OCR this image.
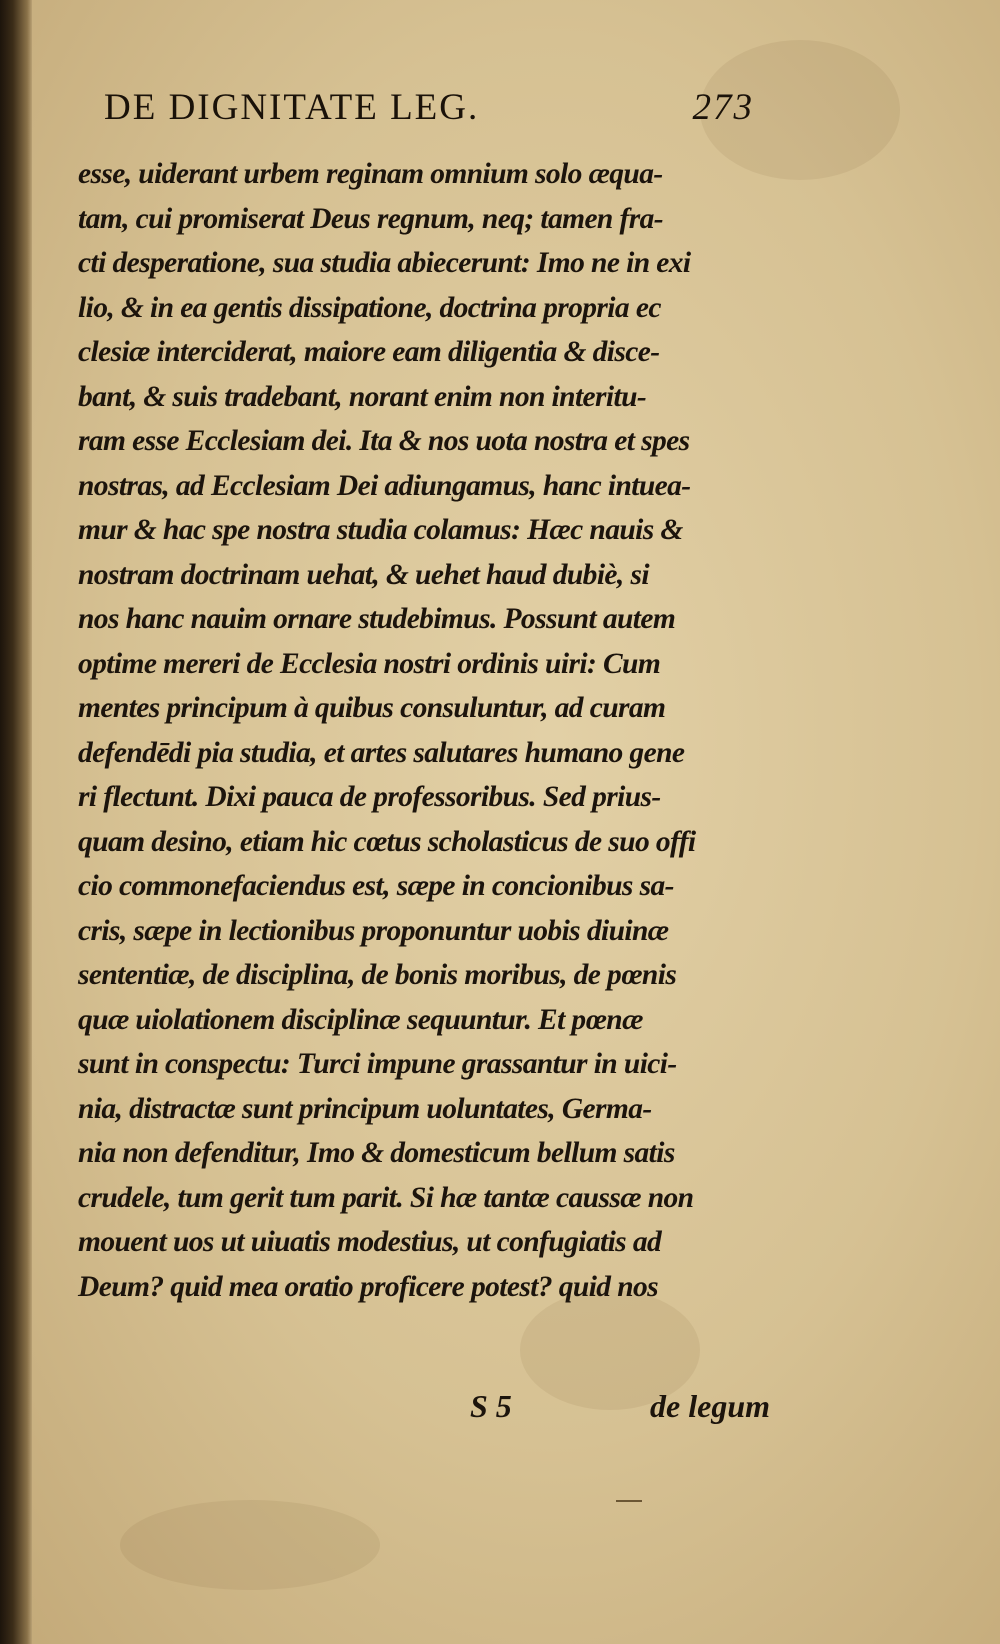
DE DIGNITATE LEG.	273
esse, uiderant urbem reginam omnium solo æqua-
tam, cui promiserat Deus regnum, neq; tamen fra-
cti desperatione, sua studia abiecerunt: Imo ne in exi
lio, & in ea gentis dissipatione, doctrina propria ec
clesiæ interciderat, maiore eam diligentia & disce-
bant, & suis tradebant, norant enim non interitu-
ram esse Ecclesiam dei. Ita & nos uota nostra et spes
nostras, ad Ecclesiam Dei adiungamus, hanc intuea-
mur & hac spe nostra studia colamus: Hæc nauis &
nostram doctrinam uehat, & uehet haud dubiè, si
nos hanc nauim ornare studebimus. Possunt autem
optime mereri de Ecclesia nostri ordinis uiri: Cum
mentes principum à quibus consuluntur, ad curam
defendēdi pia studia, et artes salutares humano gene
ri flectunt. Dixi pauca de professoribus. Sed prius-
quam desino, etiam hic cœtus scholasticus de suo offi
cio commonefaciendus est, sæpe in concionibus sa-
cris, sæpe in lectionibus proponuntur uobis diuinæ
sententiæ, de disciplina, de bonis moribus, de pœnis
quæ uiolationem disciplinæ sequuntur. Et pœnæ
sunt in conspectu: Turci impune grassantur in uici-
nia, distractæ sunt principum uoluntates, Germa-
nia non defenditur, Imo & domesticum bellum satis
crudele, tum gerit tum parit. Si hæ tantæ caussæ non
mouent uos ut uiuatis modestius, ut confugiatis ad
Deum? quid mea oratio proficere potest? quid nos
S 5	de legum
